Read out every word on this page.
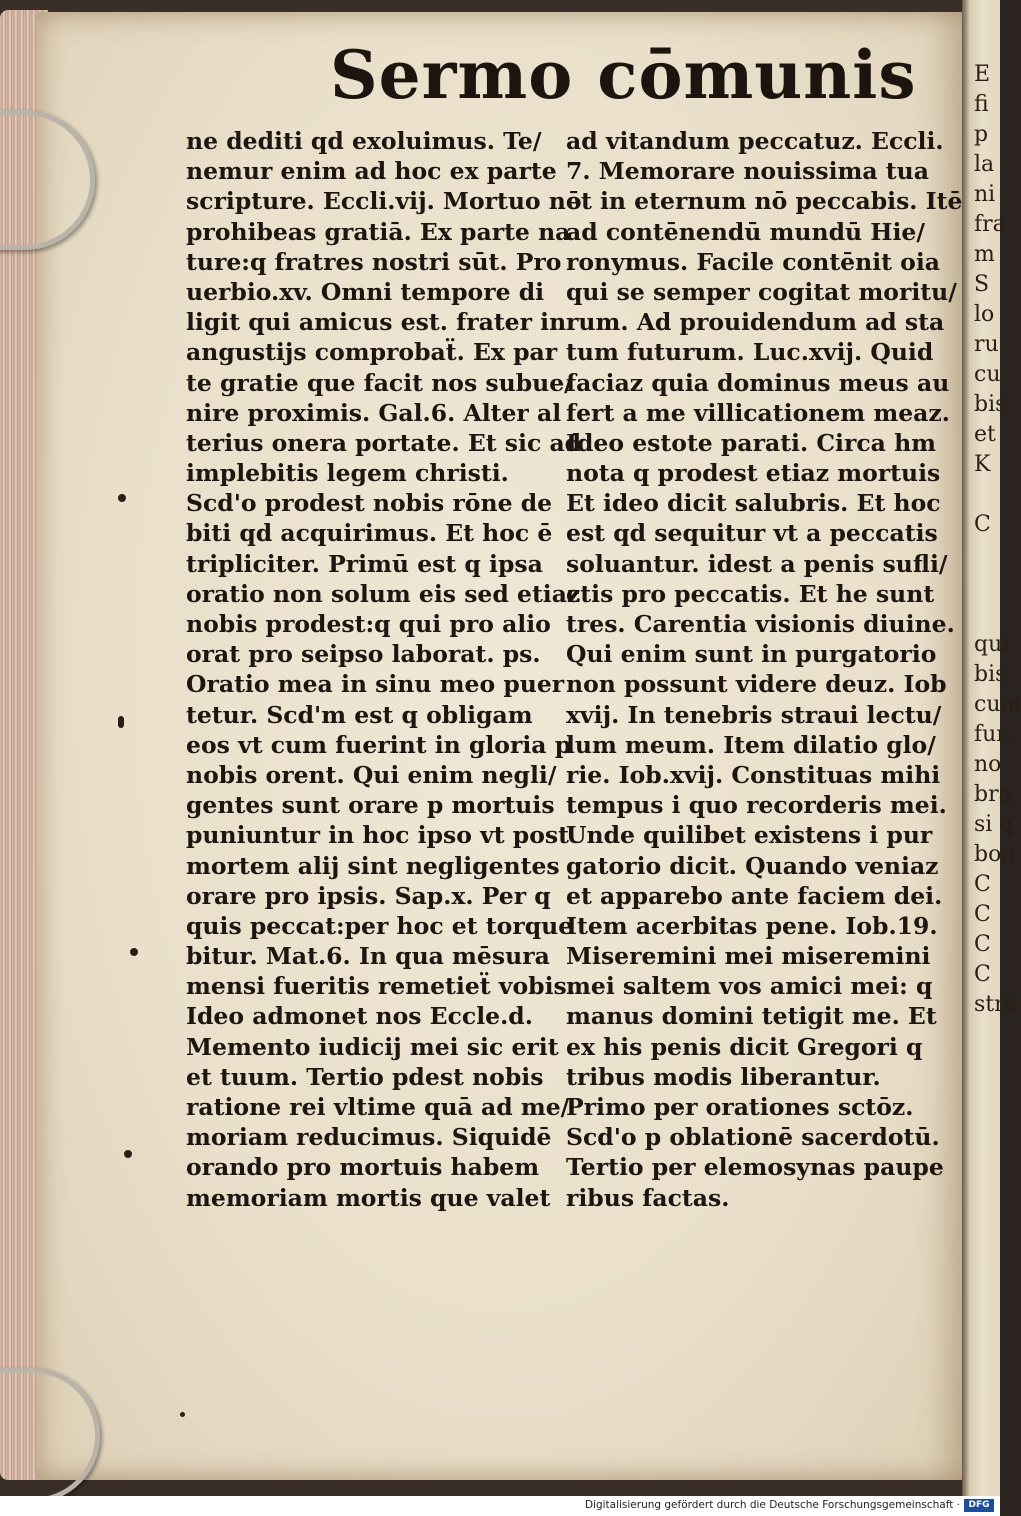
E
fi
p
la
ni
fra
m
S
lo
ru
cu
bis
et
K

C

qui
bis
cum
fur.
no
bra
si q
bon
C
C
C
C
stra
Sermo cōmunis
ne dediti qd exoluimus. Te/
nemur enim ad hoc ex parte
scripture. Eccli.vij. Mortuo nō
prohibeas gratiā. Ex parte na
ture:q fratres nostri sūt. Pro
uerbio.xv. Omni tempore di
ligit qui amicus est. frater in
angustijs comprobaẗ. Ex par
te gratie que facit nos subue/
nire proximis. Gal.6. Alter al
terius onera portate. Et sic ad
implebitis legem christi.
Scd'o prodest nobis rōne de
biti qd acquirimus. Et hoc ē
tripliciter. Primū est q ipsa
oratio non solum eis sed etiaz
nobis prodest:q qui pro alio
orat pro seipso laborat. ps.
Oratio mea in sinu meo puer
tetur. Scd'm est q obligam
eos vt cum fuerint in gloria p
nobis orent. Qui enim negli/
gentes sunt orare p mortuis
puniuntur in hoc ipso vt post
mortem alij sint negligentes
orare pro ipsis. Sap.x. Per q
quis peccat:per hoc et torque
bitur. Mat.6. In qua mēsura
mensi fueritis remetieẗ vobis.
Ideo admonet nos Eccle.d.
Memento iudicij mei sic erit
et tuum. Tertio pdest nobis
ratione rei vltime quā ad me/
moriam reducimus. Siquidē
orando pro mortuis habem
memoriam mortis que valet
ad vitandum peccatuz. Eccli.
7. Memorare nouissima tua
et in eternum nō peccabis. Itē
ad contēnendū mundū Hie/
ronymus. Facile contēnit oia
qui se semper cogitat moritu/
rum. Ad prouidendum ad sta
tum futurum. Luc.xvij. Quid
faciaz quia dominus meus au
fert a me villicationem meaz.
Ideo estote parati. Circa hm
nota q prodest etiaz mortuis
Et ideo dicit salubris. Et hoc
est qd sequitur vt a peccatis
soluantur. idest a penis sufli/
ctis pro peccatis. Et he sunt
tres. Carentia visionis diuine.
Qui enim sunt in purgatorio
non possunt videre deuz. Iob
xvij. In tenebris straui lectu/
lum meum. Item dilatio glo/
rie. Iob.xvij. Constituas mihi
tempus i quo recorderis mei.
Unde quilibet existens i pur
gatorio dicit. Quando veniaz
et apparebo ante faciem dei.
Item acerbitas pene. Iob.19.
Miseremini mei miseremini
mei saltem vos amici mei: q
manus domini tetigit me. Et
ex his penis dicit Gregori q
tribus modis liberantur.
Primo per orationes sctōz.
Scd'o p oblationē sacerdotū.
Tertio per elemosynas paupe
ribus factas.
Digitalisierung gefördert durch die Deutsche Forschungsgemeinschaft · DFG
